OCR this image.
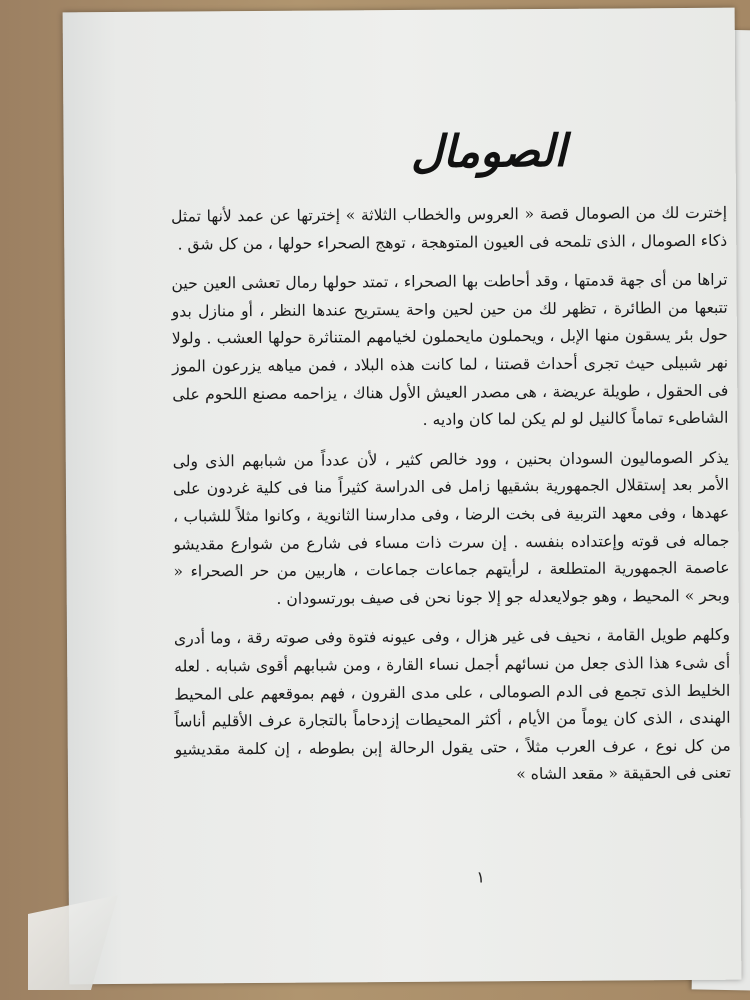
الصومال

إخترت لك من الصومال قصة « العروس والخطاب الثلاثة » إخترتها عن عمد لأنها تمثل ذكاء الصومال ، الذى تلمحه فى العيون المتوهجة ، توهج الصحراء حولها ، من كل شق .

تراها من أى جهة قدمتها ، وقد أحاطت بها الصحراء ، تمتد حولها رمال تعشى العين حين تتبعها من الطائرة ، تظهر لك من حين لحين واحة يستريح عندها النظر ، أو منازل بدو حول بئر يسقون منها الإبل ، ويحملون مايحملون لخيامهم المتناثرة حولها العشب . ولولا نهر شبيلى حيث تجرى أحداث قصتنا ، لما كانت هذه البلاد ، فمن مياهه يزرعون الموز فى الحقول ، طويلة عريضة ، هى مصدر العيش الأول هناك ، يزاحمه مصنع اللحوم على الشاطىء تماماً كالنيل لو لم يكن لما كان واديه .

يذكر الصوماليون السودان بحنين ، وود خالص كثير ، لأن عدداً من شبابهم الذى ولى الأمر بعد إستقلال الجمهورية بشقيها زامل فى الدراسة كثيراً منا فى كلية غردون على عهدها ، وفى معهد التربية فى بخت الرضا ، وفى مدارسنا الثانوية ، وكانوا مثلاً للشباب ، جماله فى قوته وإعتداده بنفسه . إن سرت ذات مساء فى شارع من شوارع مقديشو عاصمة الجمهورية المتطلعة ، لرأيتهم جماعات جماعات ، هاربين من حر الصحراء « وبحر » المحيط ، وهو جولايعدله جو إلا جونا نحن فى صيف بورتسودان .

وكلهم طويل القامة ، نحيف فى غير هزال ، وفى عيونه فتوة وفى صوته رقة ، وما أدرى أى شىء هذا الذى جعل من نسائهم أجمل نساء القارة ، ومن شبابهم أقوى شبابه . لعله الخليط الذى تجمع فى الدم الصومالى ، على مدى القرون ، فهم بموقعهم على المحيط الهندى ، الذى كان يوماً من الأيام ، أكثر المحيطات إزدحاماً بالتجارة عرف الأقليم أناساً من كل نوع ، عرف العرب مثلاً ، حتى يقول الرحالة إبن بطوطه ، إن كلمة مقديشيو تعنى فى الحقيقة « مقعد الشاه »

١
